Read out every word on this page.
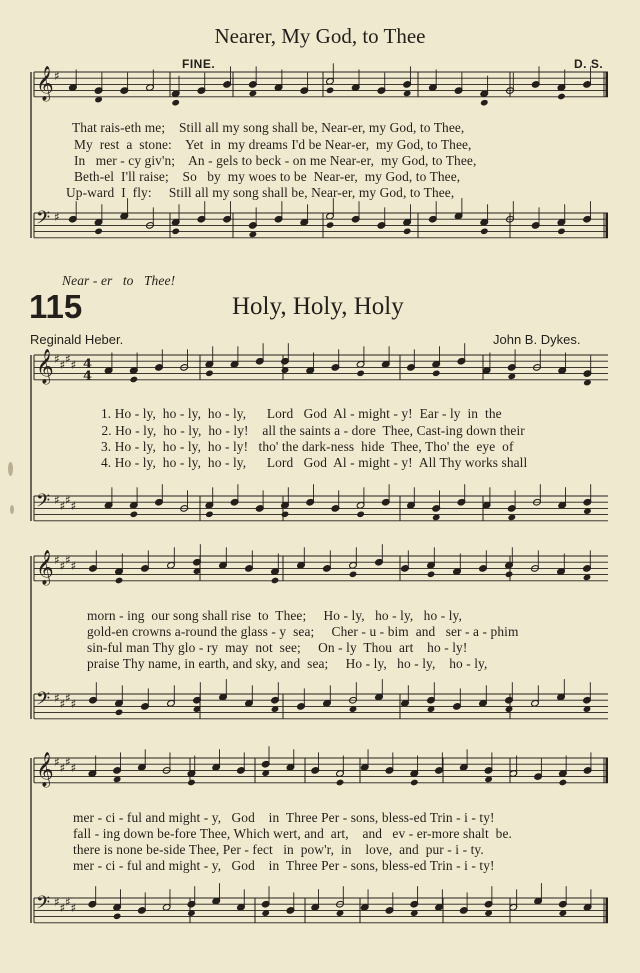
Nearer, My God, to Thee
FINE.	D. S.
That rais-eth me;    Still all my song shall be, Near-er, my God, to Thee,
My  rest  a  stone:    Yet  in  my dreams I'd be Near-er,  my God, to Thee,
In   mer - cy giv'n;    An - gels to beck - on me Near-er,  my God, to Thee,
Beth-el  I'll raise;    So   by  my woes to be  Near-er,  my God, to Thee,
Up-ward  I  fly:     Still all my song shall be, Near-er, my God, to Thee,
Near - er   to   Thee!
115	Holy, Holy, Holy
Reginald Heber.	John B. Dykes.
1. Ho - ly,  ho - ly,  ho - ly,      Lord   God  Al - might - y!  Ear - ly  in  the
2. Ho - ly,  ho - ly,  ho - ly!    all the saints a - dore  Thee, Cast-ing down their
3. Ho - ly,  ho - ly,  ho - ly!   tho' the dark-ness  hide  Thee, Tho' the  eye  of
4. Ho - ly,  ho - ly,  ho - ly,      Lord   God  Al - might - y!  All Thy works shall
morn - ing  our song shall rise  to  Thee;     Ho - ly,   ho - ly,   ho - ly,
gold-en crowns a-round the glass - y  sea;     Cher - u - bim  and   ser - a - phim
sin-ful man Thy glo - ry  may  not  see;     On - ly  Thou  art    ho - ly!
praise Thy name, in earth, and sky, and  sea;     Ho - ly,   ho - ly,    ho - ly,
mer - ci - ful and might - y,   God    in  Three Per - sons, bless-ed Trin - i - ty!
fall - ing down be-fore Thee, Which wert, and  art,    and   ev - er-more shalt  be.
there is none be-side Thee, Per - fect   in  pow'r,  in    love,  and  pur - i - ty.
mer - ci - ful and might - y,   God    in  Three Per - sons, bless-ed Trin - i - ty!
𝄞 ♯
𝄢 ♯
𝄞 ♯ ♯ ♯ ♯
𝄢 ♯ ♯ ♯ ♯
4
4
𝄞 ♯ ♯ ♯ ♯
𝄢 ♯ ♯ ♯ ♯
𝄞 ♯ ♯ ♯ ♯
𝄢 ♯ ♯ ♯ ♯
